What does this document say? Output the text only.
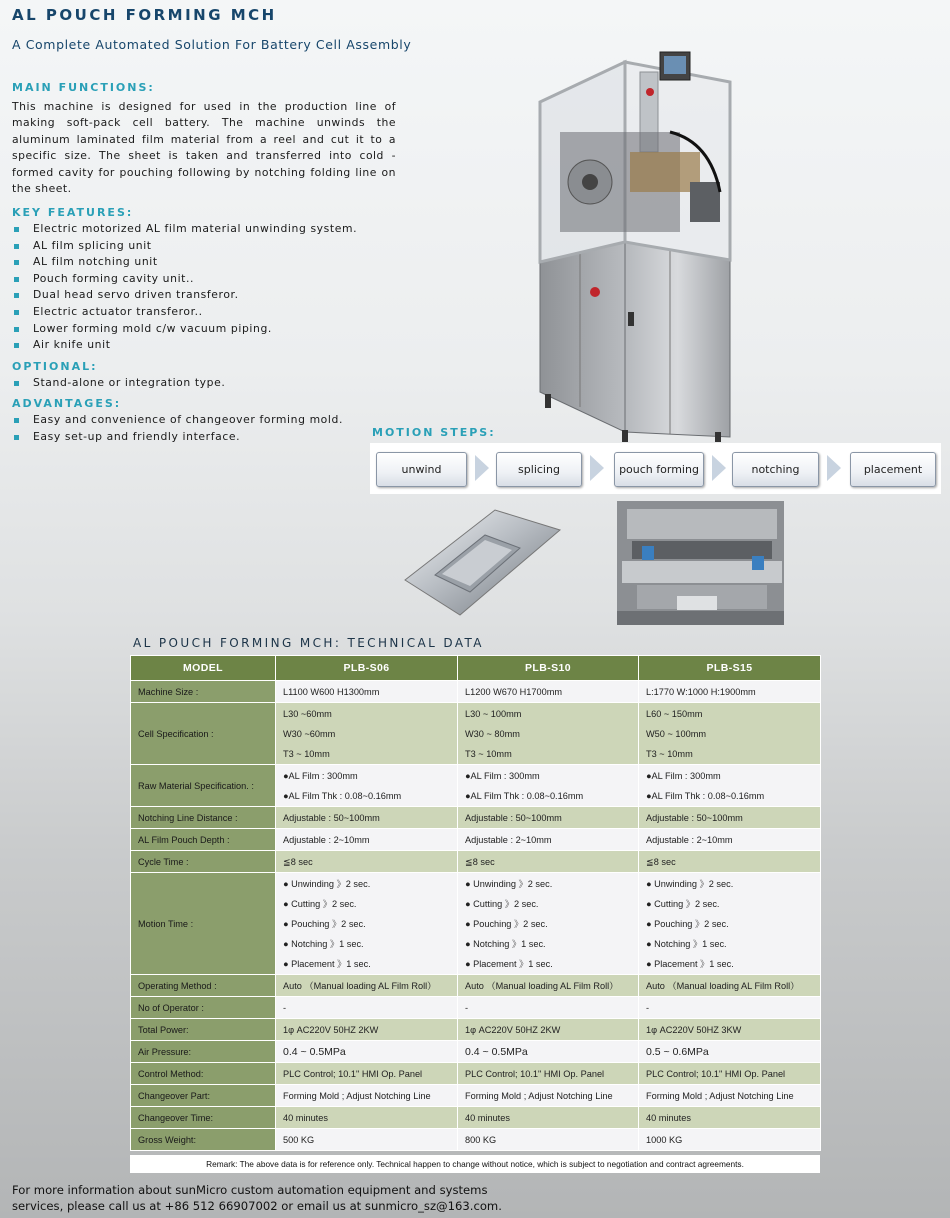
AL POUCH FORMING MCH
A Complete Automated Solution For Battery Cell Assembly
MAIN FUNCTIONS:
This machine is designed for used in the production line of making soft-pack cell battery. The machine unwinds the aluminum laminated film material from a reel and cut it to a specific size. The sheet is taken and transferred into cold -formed cavity for pouching following by notching folding line on the sheet.
KEY FEATURES:
Electric motorized AL film material unwinding system.
AL film splicing unit
AL film notching unit
Pouch forming cavity unit..
Dual head servo driven transferor.
Electric actuator transferor..
Lower forming mold c/w vacuum piping.
Air knife unit
OPTIONAL:
Stand-alone or integration type.
ADVANTAGES:
Easy and convenience of changeover forming mold.
Easy set-up and friendly interface.	MOTION STEPS:
unwind	splicing	pouch forming	notching	placement
AL POUCH FORMING MCH: TECHNICAL DATA
MODEL	PLB-S06	PLB-S10	PLB-S15
Machine Size :	L1100 W600 H1300mm	L1200 W670 H1700mm	L:1770 W:1000 H:1900mm

Cell Specification :	L30 ~60mm
W30 ~60mm
T3 ~ 10mm	L30 ~ 100mm
W30 ~ 80mm
T3 ~ 10mm	L60 ~ 150mm
W50 ~ 100mm
T3 ~ 10mm

Raw Material Specification. :	●AL Film : 300mm
●AL Film Thk : 0.08~0.16mm	●AL Film : 300mm
●AL Film Thk : 0.08~0.16mm	●AL Film : 300mm
●AL Film Thk : 0.08~0.16mm

Notching Line Distance :	Adjustable : 50~100mm	Adjustable : 50~100mm	Adjustable : 50~100mm

AL Film Pouch Depth :	Adjustable : 2~10mm	Adjustable : 2~10mm	Adjustable : 2~10mm

Cycle Time :	≦8 sec	≦8 sec	≦8 sec

Motion Time :	● Unwinding 》2 sec.
● Cutting 》2 sec.
● Pouching 》2 sec.
● Notching 》1 sec.
● Placement 》1 sec.	● Unwinding 》2 sec.
● Cutting 》2 sec.
● Pouching 》2 sec.
● Notching 》1 sec.
● Placement 》1 sec.	● Unwinding 》2 sec.
● Cutting 》2 sec.
● Pouching 》2 sec.
● Notching 》1 sec.
● Placement 》1 sec.

Operating Method :	Auto （Manual loading AL Film Roll）	Auto （Manual loading AL Film Roll）	Auto （Manual loading AL Film Roll）

No of Operator :	-	-	-

Total Power:	1φ AC220V 50HZ 2KW	1φ AC220V 50HZ 2KW	1φ AC220V 50HZ 3KW

Air Pressure:	0.4 ~ 0.5MPa	0.4 ~ 0.5MPa	0.5 ~ 0.6MPa

Control Method:	PLC Control; 10.1" HMI Op. Panel	PLC Control; 10.1" HMI Op. Panel	PLC Control; 10.1" HMI Op. Panel

Changeover Part:	Forming Mold ; Adjust Notching Line	Forming Mold ; Adjust Notching Line	Forming Mold ; Adjust Notching Line

Changeover Time:	40 minutes	40 minutes	40 minutes

Gross Weight:	500 KG	800 KG	1000 KG
Remark: The above data is for reference only. Technical happen to change without notice, which is subject to negotiation and contract agreements.
For more information about sunMicro custom automation equipment and systems
services, please call us at +86 512 66907002 or email us at sunmicro_sz@163.com.
